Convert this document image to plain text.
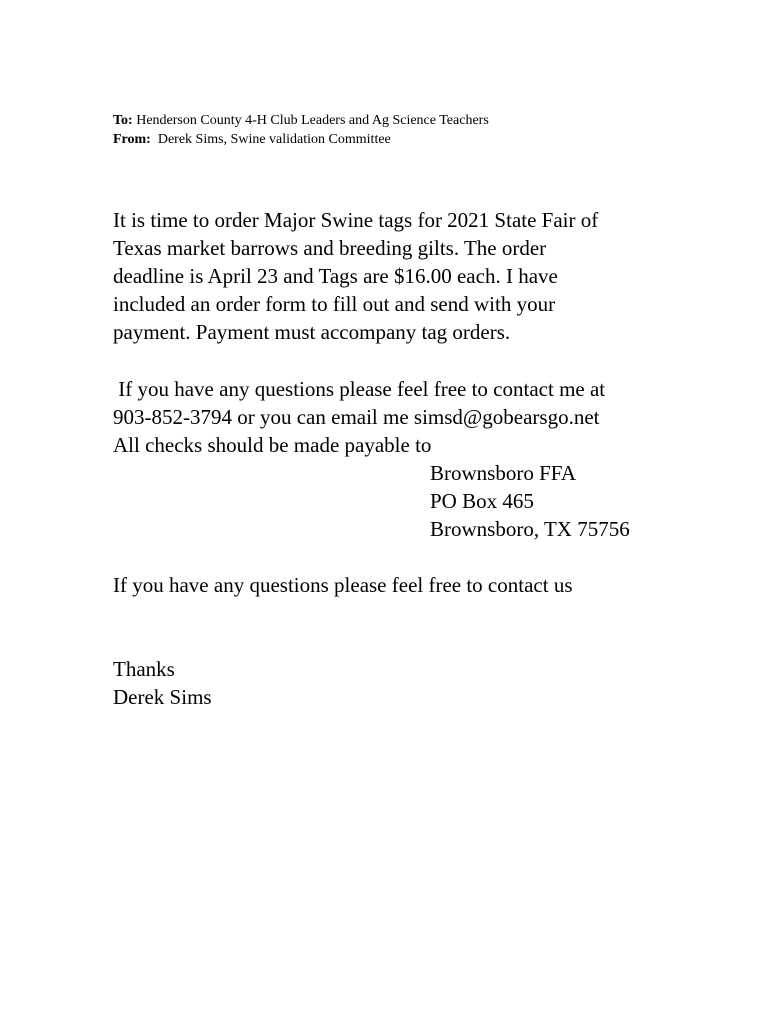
To: Henderson County 4-H Club Leaders and Ag Science Teachers
From: Derek Sims, Swine validation Committee
It is time to order Major Swine tags for 2021 State Fair of
Texas market barrows and breeding gilts. The order
deadline is April 23 and Tags are $16.00 each. I have
included an order form to fill out and send with your
payment. Payment must accompany tag orders.
If you have any questions please feel free to contact me at
903-852-3794 or you can email me simsd@gobearsgo.net
All checks should be made payable to
Brownsboro FFA
PO Box 465
Brownsboro, TX 75756
If you have any questions please feel free to contact us
Thanks
Derek Sims
